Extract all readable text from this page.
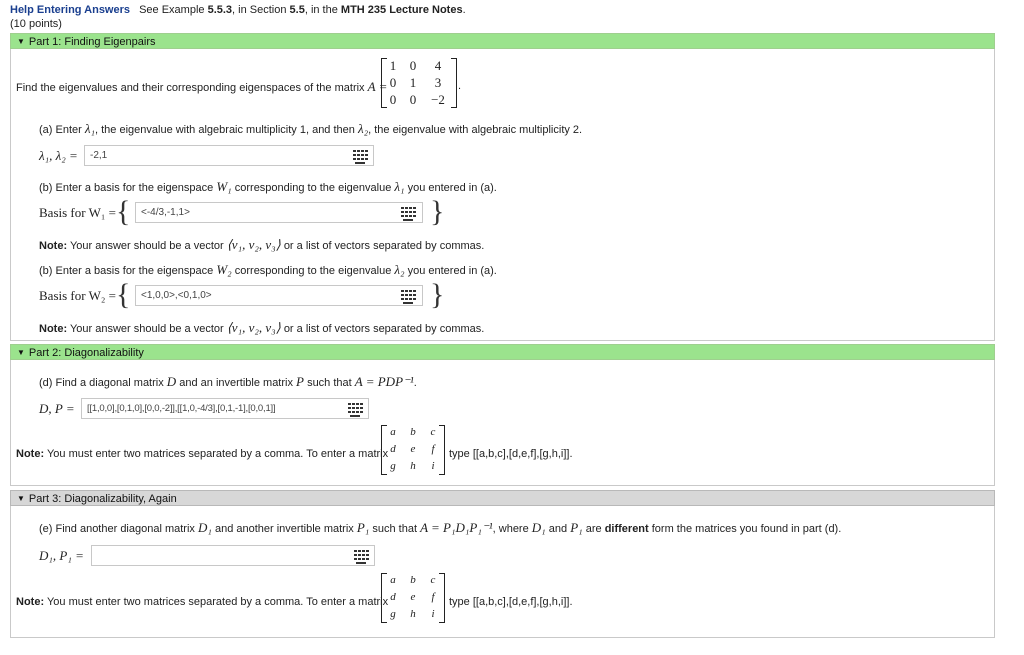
Help Entering Answers See Example 5.5.3, in Section 5.5, in the MTH 235 Lecture Notes.
(10 points)
▼ Part 1: Finding Eigenpairs
Find the eigenvalues and their corresponding eigenspaces of the matrix A =
1	0	4
0	1	3
0	0	−2
.
(a) Enter λ₁, the eigenvalue with algebraic multiplicity 1, and then λ₂, the eigenvalue with algebraic multiplicity 2.
λ₁, λ₂ =	-2,1
(b) Enter a basis for the eigenspace W₁ corresponding to the eigenvalue λ₁ you entered in (a).
Basis for W₁ = {	<-4/3,-1,1>	}
Note: Your answer should be a vector ⟨v₁, v₂, v₃⟩ or a list of vectors separated by commas.
(b) Enter a basis for the eigenspace W₂ corresponding to the eigenvalue λ₂ you entered in (a).
Basis for W₂ = {	<1,0,0>,<0,1,0>	}
Note: Your answer should be a vector ⟨v₁, v₂, v₃⟩ or a list of vectors separated by commas.
▼ Part 2: Diagonalizability
(d) Find a diagonal matrix D and an invertible matrix P such that A = PDP⁻¹.
D, P =	[[1,0,0],[0,1,0],[0,0,-2]],[[1,0,-4/3],[0,1,-1],[0,0,1]]
Note: You must enter two matrices separated by a comma. To enter a matrix
a	b	c
d	e	f
g	h	i
type [[a,b,c],[d,e,f],[g,h,i]].
▼ Part 3: Diagonalizability, Again
(e) Find another diagonal matrix D₁ and another invertible matrix P₁ such that A = P₁D₁P₁⁻¹, where D₁ and P₁ are different form the matrices you found in part (d).
D₁, P₁ =
Note: You must enter two matrices separated by a comma. To enter a matrix
a	b	c
d	e	f
g	h	i
type [[a,b,c],[d,e,f],[g,h,i]].
